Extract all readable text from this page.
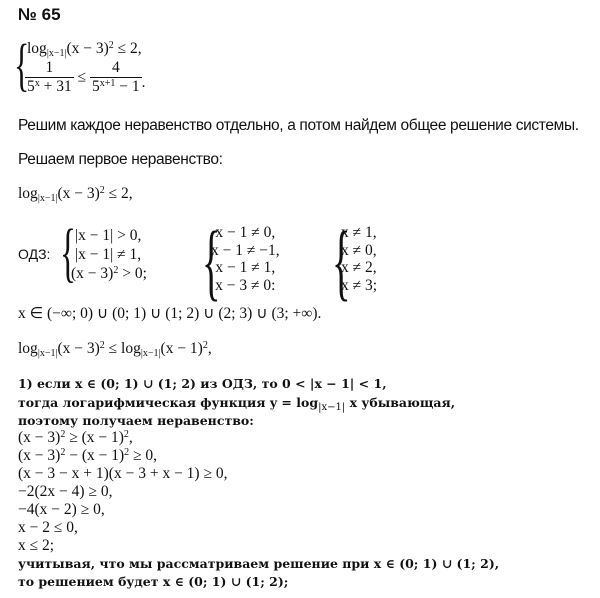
№ 65
{
$\log_{|x-1|}(x - 3)^2 \le 2$,
$\frac{1}{5^x + 31} \le \frac{4}{5^{x+1} - 1}$ .
Решим каждое неравенство отдельно, а потом найдем общее решение системы.
Решаем первое неравенство:
$\log_{|x-1|}(x - 3)^2 \le 2$,
ОДЗ: { |x − 1| > 0,
|x − 1| ≠ 1,
$(x - 3)^2 > 0$; {
x − 1 ≠ 0,
x − 1 ≠ −1,
x − 1 ≠ 1,
x − 3 ≠ 0: {
x ≠ 1,
x ≠ 0,
x ≠ 2,
x ≠ 3;
x ∈ (−∞; 0) ∪ (0; 1) ∪ (1; 2) ∪ (2; 3) ∪ (3; +∞).
$\log_{|x-1|}(x - 3)^2 \le \log_{|x-1|}(x - 1)^2$,
1) если x ∈ (0; 1) ∪ (1; 2) из ОДЗ, то 0 < |x − 1| < 1,
тогда логарифмическая функция $y = \log_{|x-1|} x$ убывающая,
поэтому получаем неравенство:
$(x - 3)^2 \ge (x - 1)^2$,
$(x - 3)^2 - (x - 1)^2 \ge 0$,
(x − 3 − x + 1)(x − 3 + x − 1) ≥ 0,
−2(2x − 4) ≥ 0,
−4(x − 2) ≥ 0,
x − 2 ≤ 0,
x ≤ 2;
учитывая, что мы рассматриваем решение при x ∈ (0; 1) ∪ (1; 2),
то решением будет x ∈ (0; 1) ∪ (1; 2);
